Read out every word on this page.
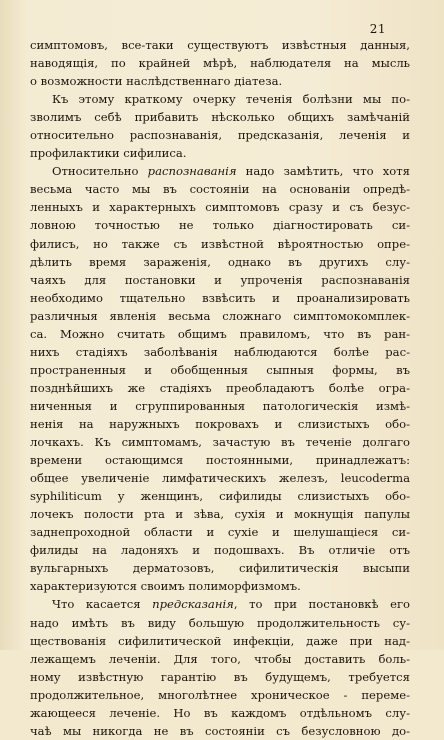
21

симптомовъ, все-таки существуютъ извѣстныя данныя,
наводящія, по крайней мѣрѣ, наблюдателя на мысль
о возможности наслѣдственнаго діатеза.

Къ этому краткому очерку теченія болѣзни мы по-
зволимъ себѣ прибавить нѣсколько общихъ замѣчаній
относительно распознаванія, предсказанія, леченія и
профилактики сифилиса.

Относительно распознаванія надо замѣтить, что хотя
весьма часто мы въ состояніи на основаніи опредѣ-
ленныхъ и характерныхъ симптомовъ сразу и съ безус-
ловною точностью не только діагностировать си-
филисъ, но также съ извѣстной вѣроятностью опре-
дѣлить время зараженія, однако въ другихъ слу-
чаяхъ для постановки и упроченія распознаванія
необходимо тщательно взвѣсить и проанализировать
различныя явленія весьма сложнаго симптомокомплек-
са. Можно считать общимъ правиломъ, что въ ран-
нихъ стадіяхъ заболѣванія наблюдаются болѣе рас-
пространенныя и обобщенныя сыпныя формы, въ
позднѣйшихъ же стадіяхъ преобладаютъ болѣе огра-
ниченныя и сгруппированныя патологическія измѣ-
ненія на наружныхъ покровахъ и слизистыхъ обо-
лочкахъ. Къ симптомамъ, зачастую въ теченіе долгаго
времени остающимся постоянными, принадлежатъ:
общее увеличеніе лимфатическихъ железъ, leucoderma
syphiliticum у женщинъ, сифилиды слизистыхъ обо-
лочекъ полости рта и зѣва, сухія и мокнущія папулы
заднепроходной области и сухіе и шелушащіеся си-
филиды на ладоняхъ и подошвахъ. Въ отличіе отъ
вульгарныхъ дерматозовъ, сифилитическія высыпи
характеризуются своимъ полиморфизмомъ.

Что касается предсказанія, то при постановкѣ его
надо имѣть въ виду большую продолжительность су-
ществованія сифилитической инфекціи, даже при над-
лежащемъ леченіи. Для того, чтобы доставить боль-
ному извѣстную гарантію въ будущемъ, требуется
продолжительное, многолѣтнее хроническое - переме-
жающееся леченіе. Но въ каждомъ отдѣльномъ слу-
чаѣ мы никогда не въ состояніи съ безусловною до-
